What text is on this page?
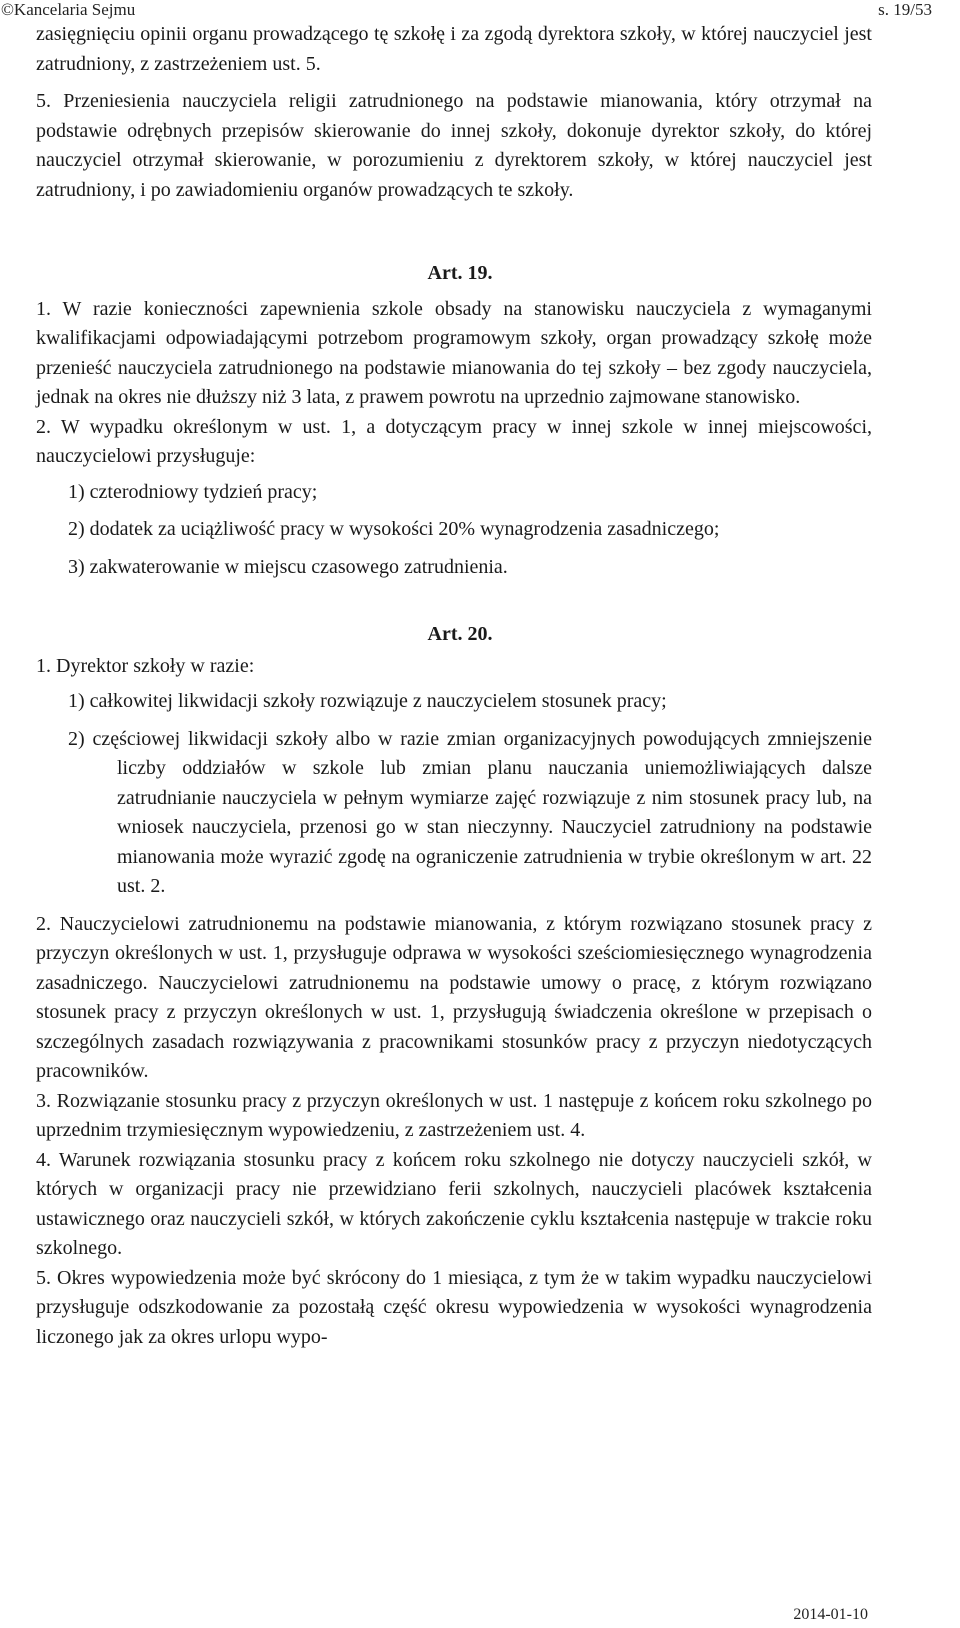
©Kancelaria Sejmu	s. 19/53

zasięgnięciu opinii organu prowadzącego tę szkołę i za zgodą dyrektora szkoły, w której nauczyciel jest zatrudniony, z zastrzeżeniem ust. 5.

5. Przeniesienia nauczyciela religii zatrudnionego na podstawie mianowania, który otrzymał na podstawie odrębnych przepisów skierowanie do innej szkoły, dokonuje dyrektor szkoły, do której nauczyciel otrzymał skierowanie, w porozumieniu z dyrektorem szkoły, w której nauczyciel jest zatrudniony, i po zawiadomieniu organów prowadzących te szkoły.

Art. 19.

1. W razie konieczności zapewnienia szkole obsady na stanowisku nauczyciela z wymaganymi kwalifikacjami odpowiadającymi potrzebom programowym szkoły, organ prowadzący szkołę może przenieść nauczyciela zatrudnionego na podstawie mianowania do tej szkoły – bez zgody nauczyciela, jednak na okres nie dłuższy niż 3 lata, z prawem powrotu na uprzednio zajmowane stanowisko.

2. W wypadku określonym w ust. 1, a dotyczącym pracy w innej szkole w innej miejscowości, nauczycielowi przysługuje:

1) czterodniowy tydzień pracy;
2) dodatek za uciążliwość pracy w wysokości 20% wynagrodzenia zasadniczego;
3) zakwaterowanie w miejscu czasowego zatrudnienia.

Art. 20.

1. Dyrektor szkoły w razie:

1) całkowitej likwidacji szkoły rozwiązuje z nauczycielem stosunek pracy;
2) częściowej likwidacji szkoły albo w razie zmian organizacyjnych powodujących zmniejszenie liczby oddziałów w szkole lub zmian planu nauczania uniemożliwiających dalsze zatrudnianie nauczyciela w pełnym wymiarze zajęć rozwiązuje z nim stosunek pracy lub, na wniosek nauczyciela, przenosi go w stan nieczynny. Nauczyciel zatrudniony na podstawie mianowania może wyrazić zgodę na ograniczenie zatrudnienia w trybie określonym w art. 22 ust. 2.

2. Nauczycielowi zatrudnionemu na podstawie mianowania, z którym rozwiązano stosunek pracy z przyczyn określonych w ust. 1, przysługuje odprawa w wysokości sześciomiesięcznego wynagrodzenia zasadniczego. Nauczycielowi zatrudnionemu na podstawie umowy o pracę, z którym rozwiązano stosunek pracy z przyczyn określonych w ust. 1, przysługują świadczenia określone w przepisach o szczególnych zasadach rozwiązywania z pracownikami stosunków pracy z przyczyn niedotyczących pracowników.

3. Rozwiązanie stosunku pracy z przyczyn określonych w ust. 1 następuje z końcem roku szkolnego po uprzednim trzymiesięcznym wypowiedzeniu, z zastrzeżeniem ust. 4.

4. Warunek rozwiązania stosunku pracy z końcem roku szkolnego nie dotyczy nauczycieli szkół, w których w organizacji pracy nie przewidziano ferii szkolnych, nauczycieli placówek kształcenia ustawicznego oraz nauczycieli szkół, w których zakończenie cyklu kształcenia następuje w trakcie roku szkolnego.

5. Okres wypowiedzenia może być skrócony do 1 miesiąca, z tym że w takim wypadku nauczycielowi przysługuje odszkodowanie za pozostałą część okresu wypowiedzenia w wysokości wynagrodzenia liczonego jak za okres urlopu wypo-

2014-01-10
